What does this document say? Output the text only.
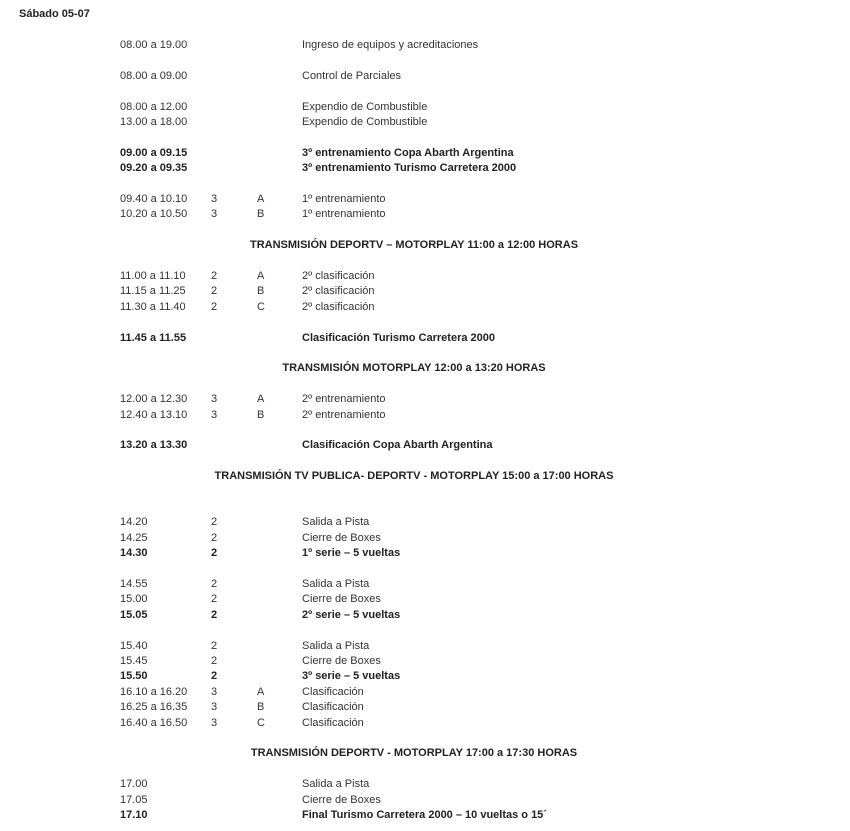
Sábado 05-07
08.00 a 19.00	Ingreso de equipos y acreditaciones
08.00 a 09.00	Control de Parciales
08.00 a 12.00	Expendio de Combustible
13.00 a 18.00	Expendio de Combustible
09.00 a 09.15	3º entrenamiento Copa Abarth Argentina
09.20 a 09.35	3º entrenamiento Turismo Carretera 2000
09.40 a 10.10 3	A	1º entrenamiento
10.20 a 10.50 3	B	1º entrenamiento
TRANSMISIÓN DEPORTV – MOTORPLAY 11:00 a 12:00 HORAS
11.00 a 11.10 2	A	2º clasificación
11.15 a 11.25 2	B	2º clasificación
11.30 a 11.40 2	C	2º clasificación
11.45 a 11.55	Clasificación Turismo Carretera 2000
TRANSMISIÓN MOTORPLAY 12:00 a 13:20 HORAS
12.00 a 12.30 3	A	2º entrenamiento
12.40 a 13.10 3	B	2º entrenamiento
13.20 a 13.30	Clasificación Copa Abarth Argentina
TRANSMISIÓN TV PUBLICA- DEPORTV - MOTORPLAY 15:00 a 17:00 HORAS
14.20	2	Salida a Pista
14.25	2	Cierre de Boxes
14.30	2	1º serie – 5 vueltas
14.55	2	Salida a Pista
15.00	2	Cierre de Boxes
15.05	2	2º serie – 5 vueltas
15.40	2	Salida a Pista
15.45	2	Cierre de Boxes
15.50	2	3º serie – 5 vueltas
16.10 a 16.20 3	A	Clasificación
16.25 a 16.35 3	B	Clasificación
16.40 a 16.50 3	C	Clasificación
TRANSMISIÓN DEPORTV - MOTORPLAY 17:00 a 17:30 HORAS
17.00	Salida a Pista
17.05	Cierre de Boxes
17.10	Final Turismo Carretera 2000 – 10 vueltas o 15´
